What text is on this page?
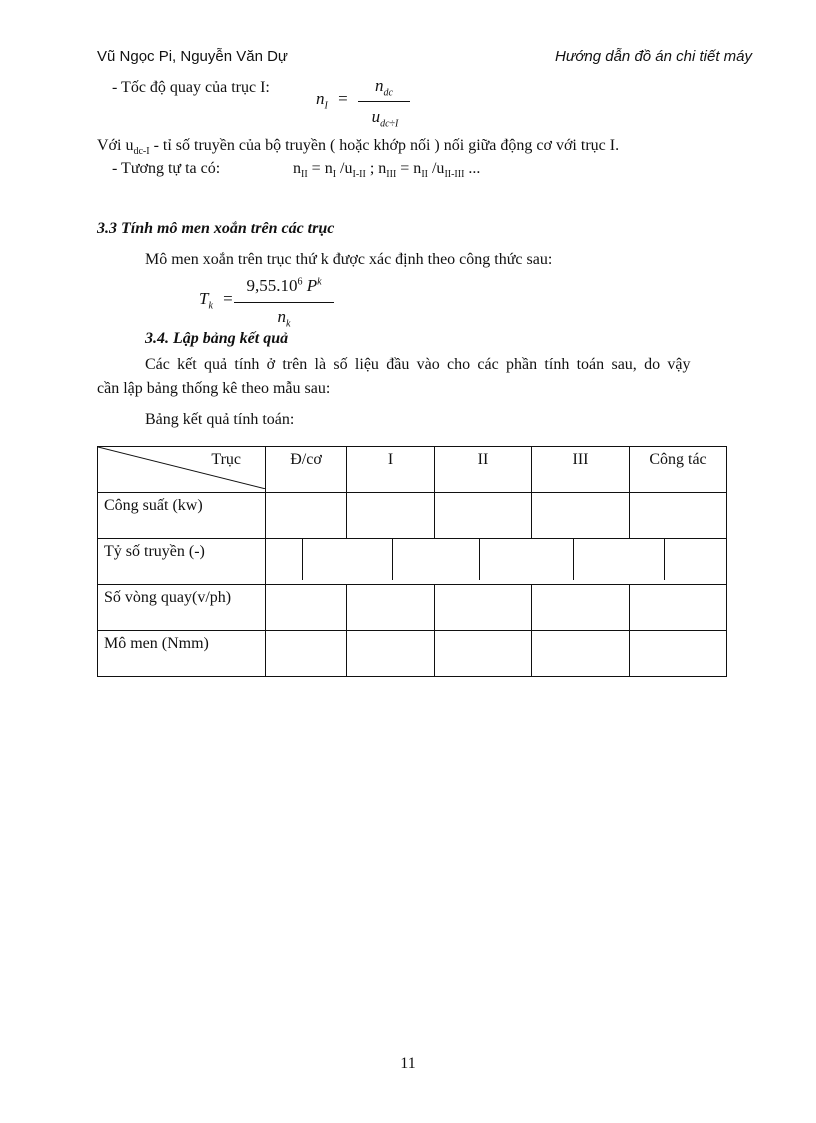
Vũ Ngọc Pi, Nguyễn Văn Dự	Hướng dẫn đồ án chi tiết máy
- Tốc độ quay của trục I:
$n_I$ =
$n_{dc}$
$u_{dc\div I}$
Với $u_{dc-I}$ - tỉ số truyền của bộ truyền ( hoặc khớp nối ) nối giữa động cơ với trục I.
- Tương tự ta có:	$n_{II} = n_I$ $/u_{I-II}$ ; $n_{III} = n_{II}$ $/u_{II-III}$ ...
3.3 Tính mô men xoắn trên các trục
Mô men xoắn trên trục thứ k được xác định theo công thức sau:
$T_k$ =
$9,55.10^6$ $P^k$
$n_k$
3.4. Lập bảng kết quả
Các kết quả tính ở trên là số liệu đầu vào cho các phần tính toán sau, do vậy
cần lập bảng thống kê theo mẫu sau:
Bảng kết quả tính toán:
Trục	Đ/cơ	I	II	III	Công tác
Công suất (kw)					
Tỷ số truyền (-)					

Số vòng quay(v/ph)					
Mô men (Nmm)					
11
